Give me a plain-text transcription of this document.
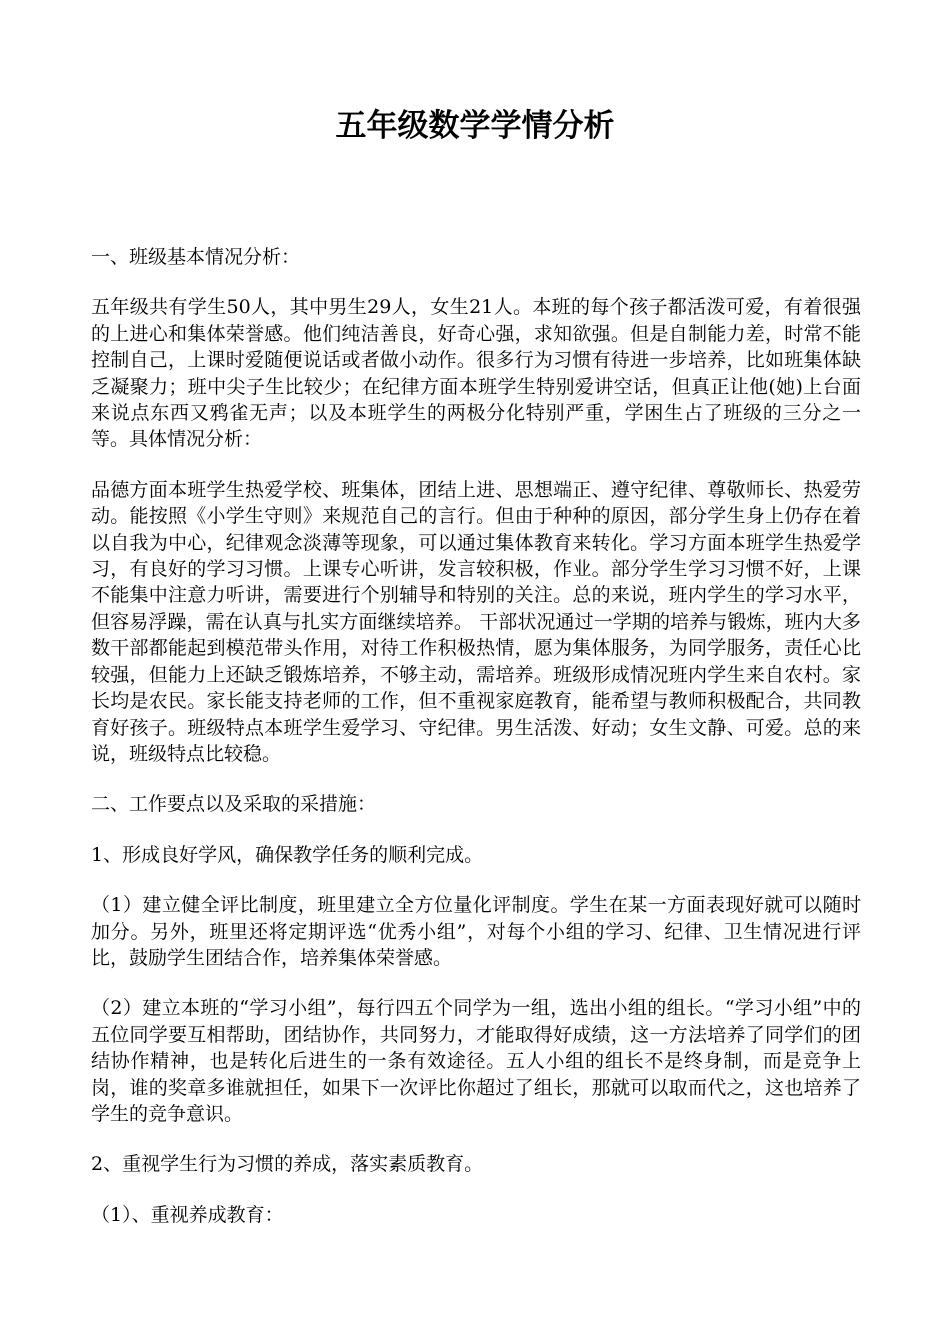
五年级数学学情分析

一、班级基本情况分析：

五年级共有学生50人，其中男生29人，女生21人。本班的每个孩子都活泼可爱，有着很强的上进心和集体荣誉感。他们纯洁善良，好奇心强，求知欲强。但是自制能力差，时常不能控制自己，上课时爱随便说话或者做小动作。很多行为习惯有待进一步培养，比如班集体缺乏凝聚力；班中尖子生比较少；在纪律方面本班学生特别爱讲空话，但真正让他(她)上台面来说点东西又鸦雀无声；以及本班学生的两极分化特别严重，学困生占了班级的三分之一等。具体情况分析：

品德方面本班学生热爱学校、班集体，团结上进、思想端正、遵守纪律、尊敬师长、热爱劳动。能按照《小学生守则》来规范自己的言行。但由于种种的原因，部分学生身上仍存在着以自我为中心，纪律观念淡薄等现象，可以通过集体教育来转化。学习方面本班学生热爱学习，有良好的学习习惯。上课专心听讲，发言较积极，作业。部分学生学习习惯不好，上课不能集中注意力听讲，需要进行个别辅导和特别的关注。总的来说，班内学生的学习水平，但容易浮躁，需在认真与扎实方面继续培养。 干部状况通过一学期的培养与锻炼，班内大多数干部都能起到模范带头作用，对待工作积极热情，愿为集体服务，为同学服务，责任心比较强，但能力上还缺乏锻炼培养，不够主动，需培养。班级形成情况班内学生来自农村。家长均是农民。家长能支持老师的工作，但不重视家庭教育，能希望与教师积极配合，共同教育好孩子。班级特点本班学生爱学习、守纪律。男生活泼、好动；女生文静、可爱。总的来说，班级特点比较稳。

二、工作要点以及采取的采措施：

1、形成良好学风，确保教学任务的顺利完成。

（1）建立健全评比制度，班里建立全方位量化评制度。学生在某一方面表现好就可以随时加分。另外，班里还将定期评选“优秀小组”，对每个小组的学习、纪律、卫生情况进行评比，鼓励学生团结合作，培养集体荣誉感。

（2）建立本班的“学习小组”，每行四五个同学为一组，选出小组的组长。“学习小组”中的五位同学要互相帮助，团结协作，共同努力，才能取得好成绩，这一方法培养了同学们的团结协作精神，也是转化后进生的一条有效途径。五人小组的组长不是终身制，而是竞争上岗，谁的奖章多谁就担任，如果下一次评比你超过了组长，那就可以取而代之，这也培养了学生的竞争意识。

2、重视学生行为习惯的养成，落实素质教育。

（1）、重视养成教育：
